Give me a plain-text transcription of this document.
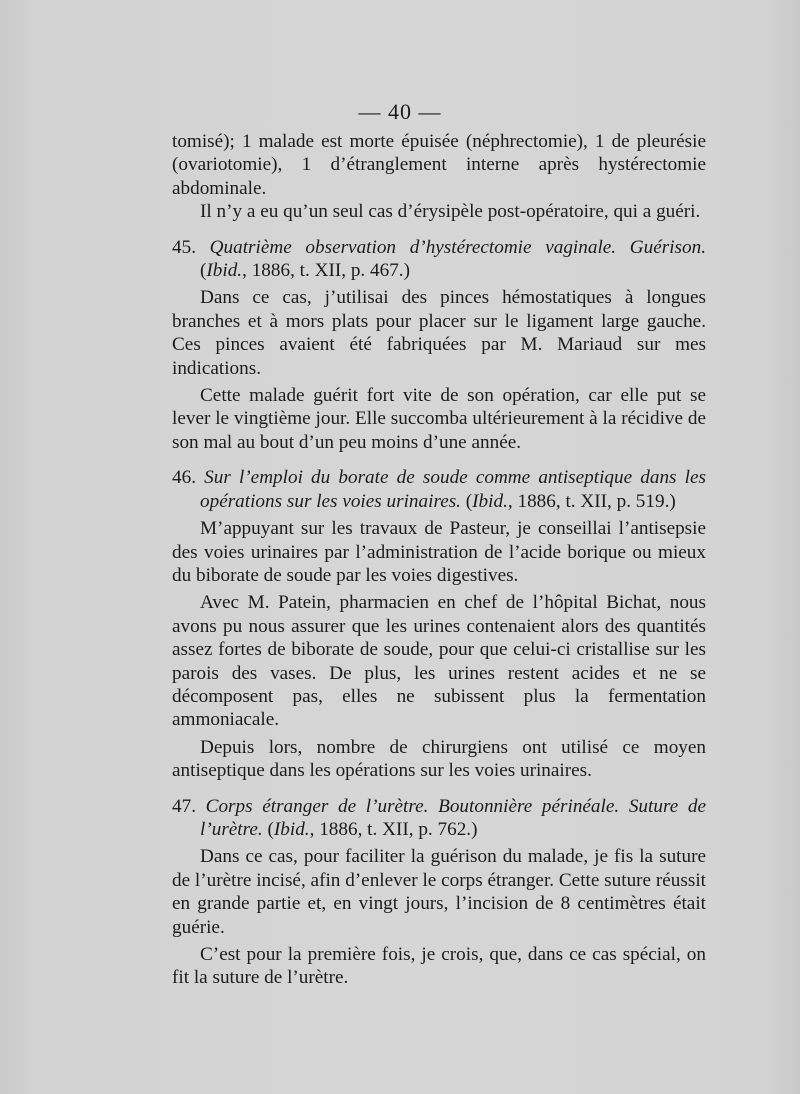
— 40 —

tomisé); 1 malade est morte épuisée (néphrectomie), 1 de pleurésie (ovariotomie), 1 d’étranglement interne après hystérectomie abdominale.

Il n’y a eu qu’un seul cas d’érysipèle post-opératoire, qui a guéri.

45. Quatrième observation d’hystérectomie vaginale. Guérison. (Ibid., 1886, t. XII, p. 467.)

Dans ce cas, j’utilisai des pinces hémostatiques à longues branches et à mors plats pour placer sur le ligament large gauche. Ces pinces avaient été fabriquées par M. Mariaud sur mes indications.

Cette malade guérit fort vite de son opération, car elle put se lever le vingtième jour. Elle succomba ultérieurement à la récidive de son mal au bout d’un peu moins d’une année.

46. Sur l’emploi du borate de soude comme antiseptique dans les opérations sur les voies urinaires. (Ibid., 1886, t. XII, p. 519.)

M’appuyant sur les travaux de Pasteur, je conseillai l’antisepsie des voies urinaires par l’administration de l’acide borique ou mieux du biborate de soude par les voies digestives.

Avec M. Patein, pharmacien en chef de l’hôpital Bichat, nous avons pu nous assurer que les urines contenaient alors des quantités assez fortes de biborate de soude, pour que celui-ci cristallise sur les parois des vases. De plus, les urines restent acides et ne se décomposent pas, elles ne subissent plus la fermentation ammoniacale.

Depuis lors, nombre de chirurgiens ont utilisé ce moyen antiseptique dans les opérations sur les voies urinaires.

47. Corps étranger de l’urètre. Boutonnière périnéale. Suture de l’urètre. (Ibid., 1886, t. XII, p. 762.)

Dans ce cas, pour faciliter la guérison du malade, je fis la suture de l’urètre incisé, afin d’enlever le corps étranger. Cette suture réussit en grande partie et, en vingt jours, l’incision de 8 centimètres était guérie.

C’est pour la première fois, je crois, que, dans ce cas spécial, on fit la suture de l’urètre.
